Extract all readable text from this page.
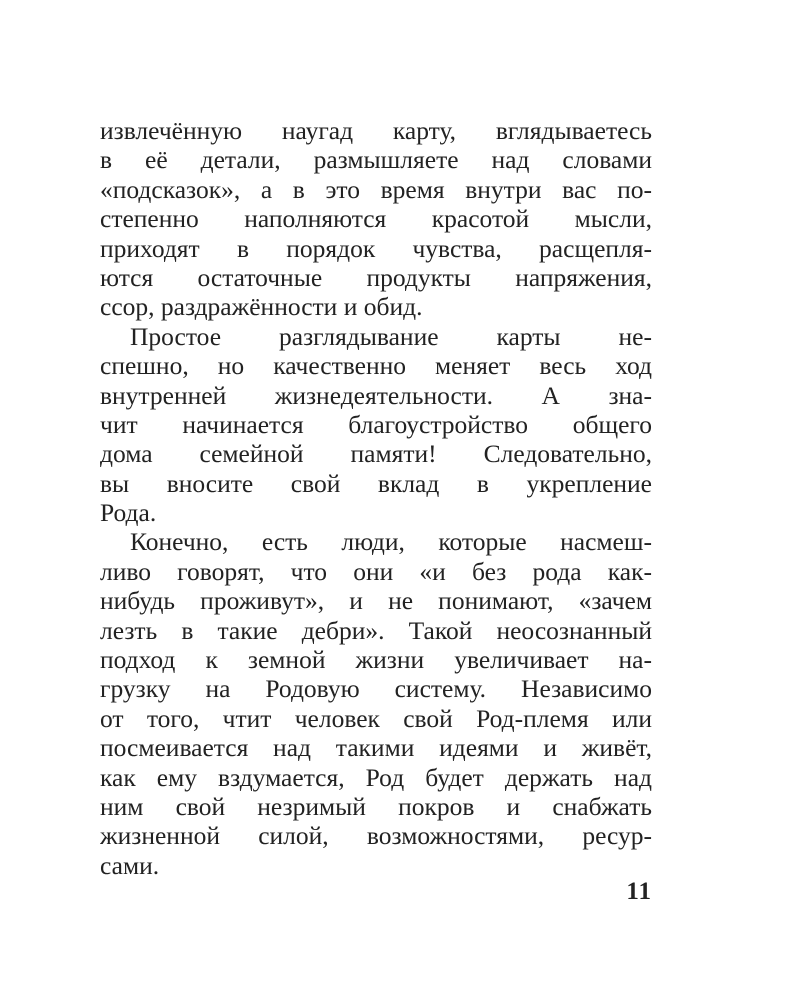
извлечённую наугад карту, вглядываетесь
в её детали, размышляете над словами
«подсказок», а в это время внутри вас по-
степенно наполняются красотой мысли,
приходят в порядок чувства, расщепля-
ются остаточные продукты напряжения,
ссор, раздражённости и обид.
Простое разглядывание карты не-
спешно, но качественно меняет весь ход
внутренней жизнедеятельности. А зна-
чит начинается благоустройство общего
дома семейной памяти! Следовательно,
вы вносите свой вклад в укрепление
Рода.
Конечно, есть люди, которые насмеш-
ливо говорят, что они «и без рода как-
нибудь проживут», и не понимают, «зачем
лезть в такие дебри». Такой неосознанный
подход к земной жизни увеличивает на-
грузку на Родовую систему. Независимо
от того, чтит человек свой Род-племя или
посмеивается над такими идеями и живёт,
как ему вздумается, Род будет держать над
ним свой незримый покров и снабжать
жизненной силой, возможностями, ресур-
сами.
11
